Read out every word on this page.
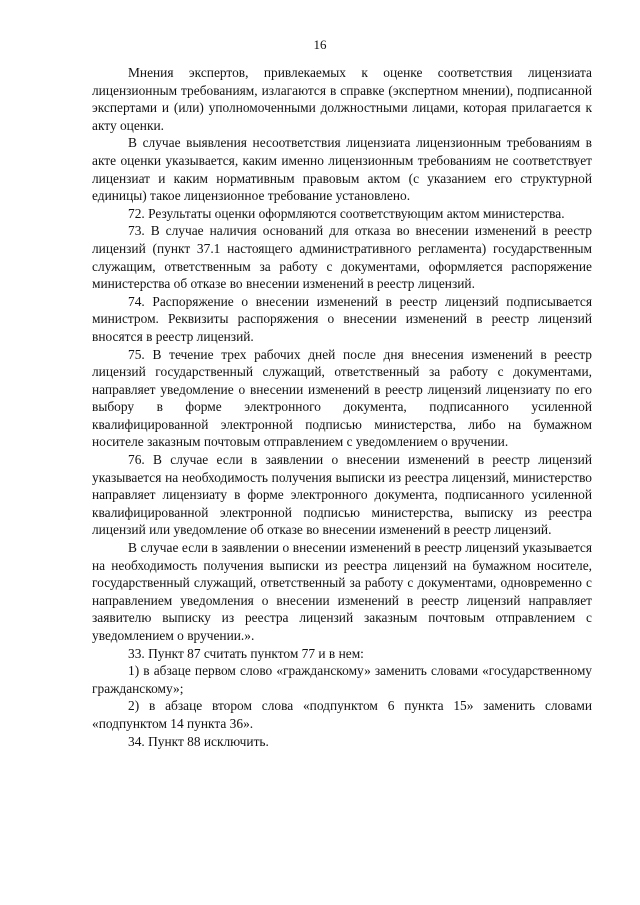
16

Мнения экспертов, привлекаемых к оценке соответствия лицензиата лицензионным требованиям, излагаются в справке (экспертном мнении), подписанной экспертами и (или) уполномоченными должностными лицами, которая прилагается к акту оценки.

В случае выявления несоответствия лицензиата лицензионным требованиям в акте оценки указывается, каким именно лицензионным требованиям не соответствует лицензиат и каким нормативным правовым актом (с указанием его структурной единицы) такое лицензионное требование установлено.

72. Результаты оценки оформляются соответствующим актом министерства.

73. В случае наличия оснований для отказа во внесении изменений в реестр лицензий (пункт 37.1 настоящего административного регламента) государственным служащим, ответственным за работу с документами, оформляется распоряжение министерства об отказе во внесении изменений в реестр лицензий.

74. Распоряжение о внесении изменений в реестр лицензий подписывается министром. Реквизиты распоряжения о внесении изменений в реестр лицензий вносятся в реестр лицензий.

75. В течение трех рабочих дней после дня внесения изменений в реестр лицензий государственный служащий, ответственный за работу с документами, направляет уведомление о внесении изменений в реестр лицензий лицензиату по его выбору в форме электронного документа, подписанного усиленной квалифицированной электронной подписью министерства, либо на бумажном носителе заказным почтовым отправлением с уведомлением о вручении.

76. В случае если в заявлении о внесении изменений в реестр лицензий указывается на необходимость получения выписки из реестра лицензий, министерство направляет лицензиату в форме электронного документа, подписанного усиленной квалифицированной электронной подписью министерства, выписку из реестра лицензий или уведомление об отказе во внесении изменений в реестр лицензий.

В случае если в заявлении о внесении изменений в реестр лицензий указывается на необходимость получения выписки из реестра лицензий на бумажном носителе, государственный служащий, ответственный за работу с документами, одновременно с направлением уведомления о внесении изменений в реестр лицензий направляет заявителю выписку из реестра лицензий заказным почтовым отправлением с уведомлением о вручении.».

33. Пункт 87 считать пунктом 77 и в нем:

1) в абзаце первом слово «гражданскому» заменить словами «государственному гражданскому»;

2) в абзаце втором слова «подпунктом 6 пункта 15» заменить словами «подпунктом 14 пункта 36».

34. Пункт 88 исключить.
